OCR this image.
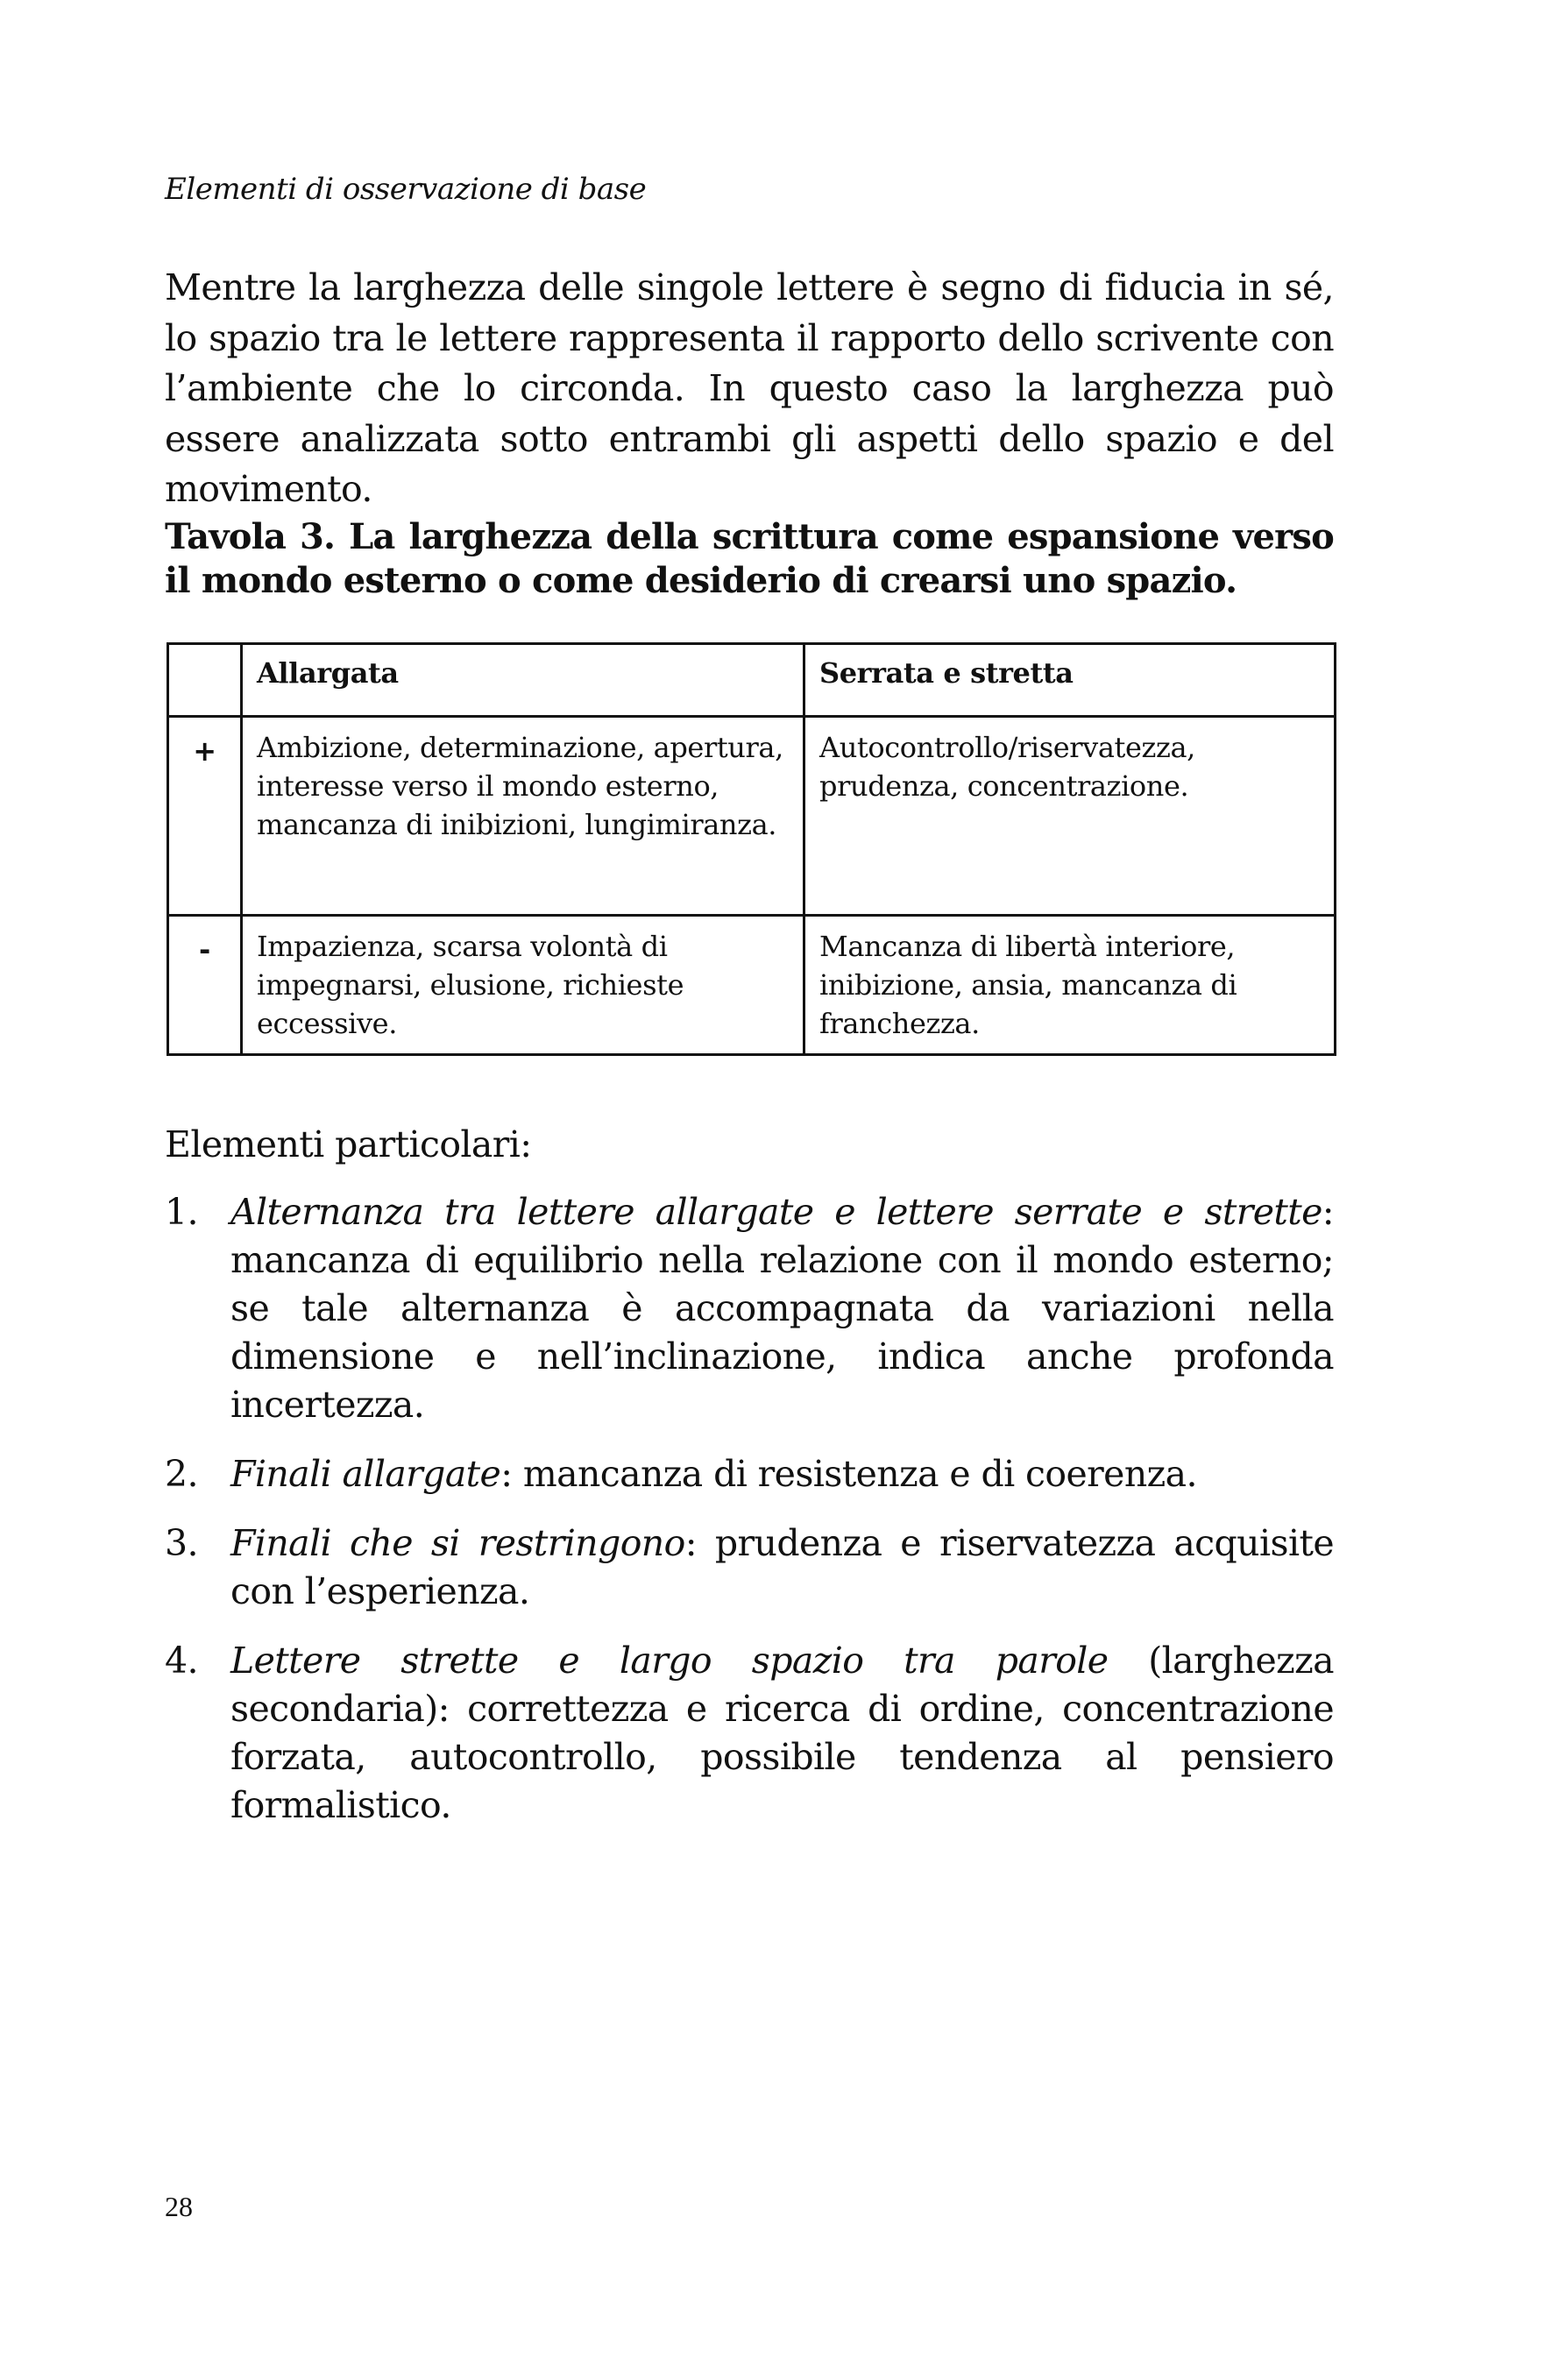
Elementi di osservazione di base

Mentre la larghezza delle singole lettere è segno di fiducia in sé, lo spazio tra le lettere rappresenta il rapporto dello scrivente con l’ambiente che lo circonda. In questo caso la larghezza può essere analizzata sotto entrambi gli aspetti dello spazio e del movimento.

Tavola 3. La larghezza della scrittura come espansione verso il mondo esterno o come desiderio di crearsi uno spazio.
	Allargata	Serrata e stretta
+	Ambizione, determinazione, apertura, interesse verso il mondo esterno, mancanza di inibizioni, lungimiranza.	Autocontrollo/riservatezza, prudenza, concentrazione.
-	Impazienza, scarsa volontà di impegnarsi, elusione, richieste eccessive.	Mancanza di libertà interiore, inibizione, ansia, mancanza di franchezza.
Elementi particolari:
1. Alternanza tra lettere allargate e lettere serrate e strette: mancanza di equilibrio nella relazione con il mondo esterno; se tale alternanza è accompagnata da variazioni nella dimensione e nell’inclinazione, indica anche profonda incertezza.
2. Finali allargate: mancanza di resistenza e di coerenza.
3. Finali che si restringono: prudenza e riservatezza acquisite con l’esperienza.
4. Lettere strette e largo spazio tra parole (larghezza secondaria): correttezza e ricerca di ordine, concentrazione forzata, autocontrollo, possibile tendenza al pensiero formalistico.
28
